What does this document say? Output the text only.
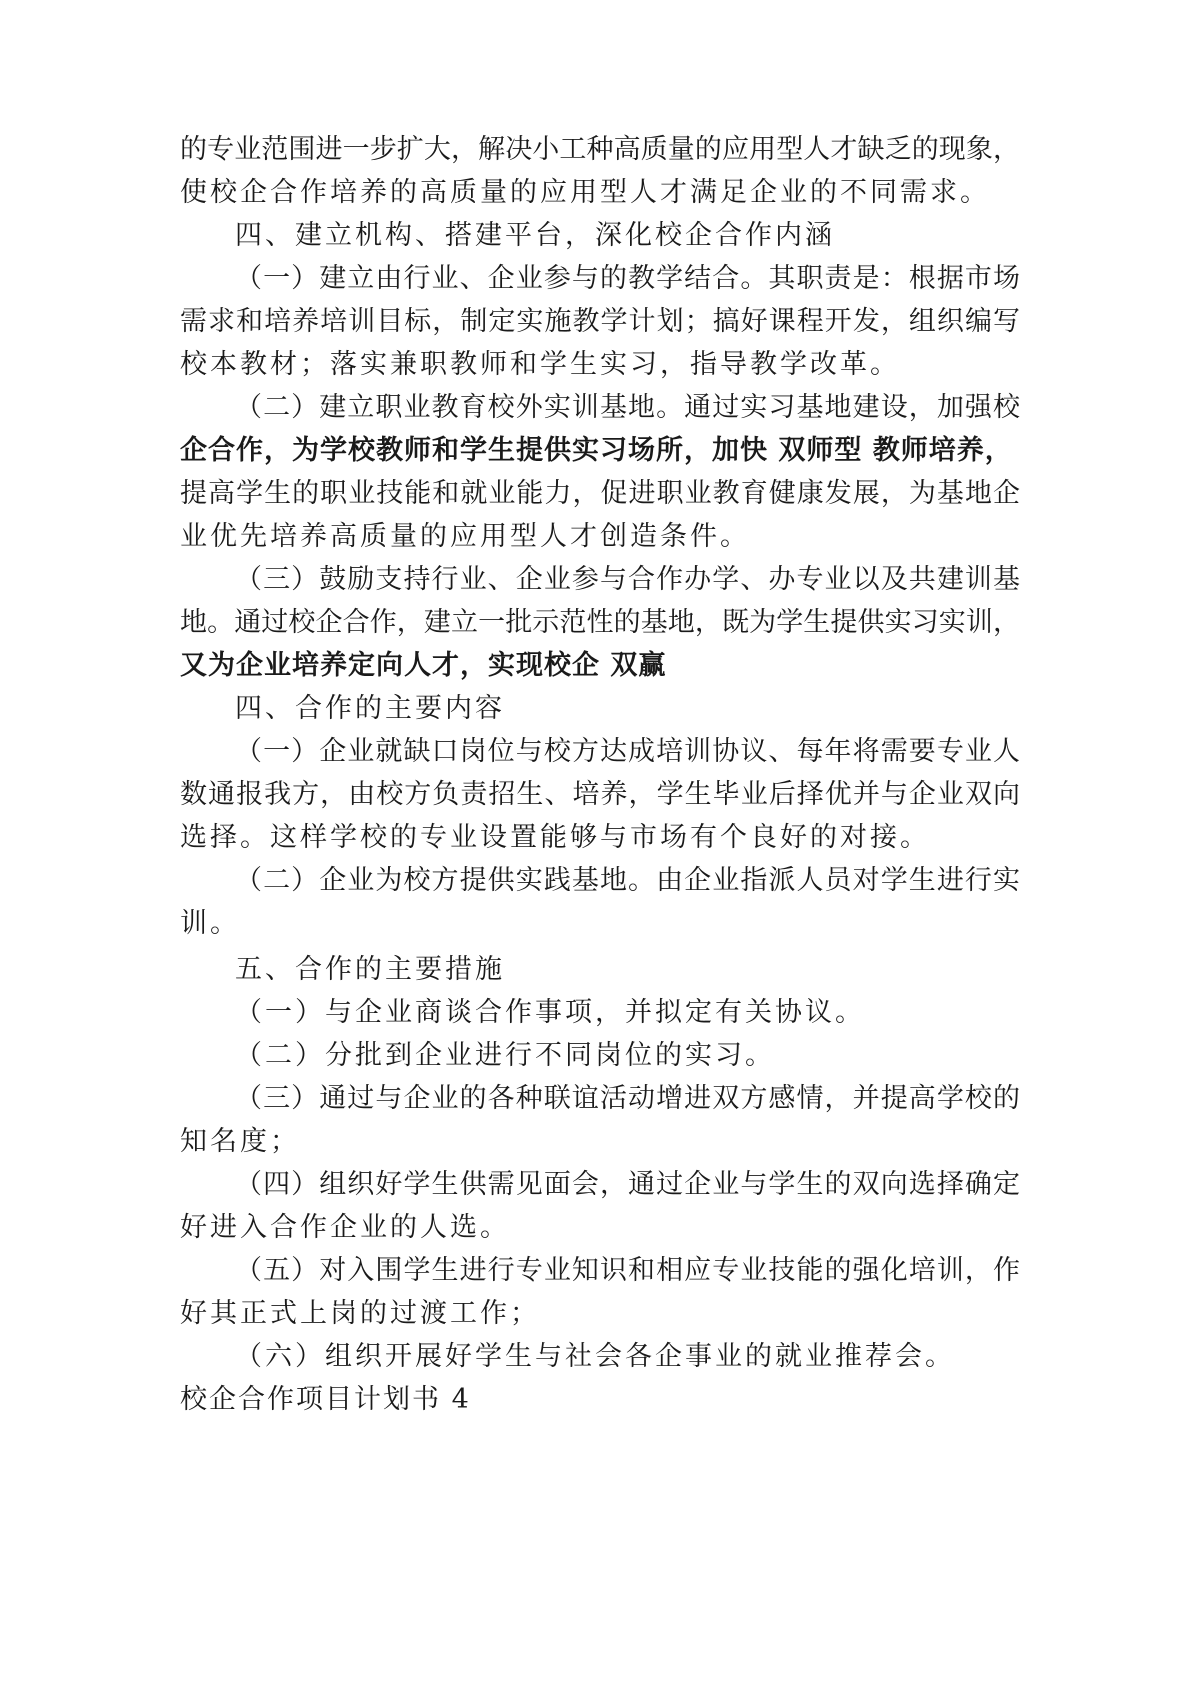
的专业范围进一步扩大，解决小工种高质量的应用型人才缺乏的现象，
使校企合作培养的高质量的应用型人才满足企业的不同需求。
四、建立机构、搭建平台，深化校企合作内涵
（一）建立由行业、企业参与的教学结合。其职责是：根据市场
需求和培养培训目标，制定实施教学计划；搞好课程开发，组织编写
校本教材；落实兼职教师和学生实习，指导教学改革。
（二）建立职业教育校外实训基地。通过实习基地建设，加强校
企合作，为学校教师和学生提供实习场所，加快 双师型 教师培养，
提高学生的职业技能和就业能力，促进职业教育健康发展，为基地企
业优先培养高质量的应用型人才创造条件。
（三）鼓励支持行业、企业参与合作办学、办专业以及共建训基
地。通过校企合作，建立一批示范性的基地，既为学生提供实习实训，
又为企业培养定向人才，实现校企 双赢
四、合作的主要内容
（一）企业就缺口岗位与校方达成培训协议、每年将需要专业人
数通报我方，由校方负责招生、培养，学生毕业后择优并与企业双向
选择。这样学校的专业设置能够与市场有个良好的对接。
（二）企业为校方提供实践基地。由企业指派人员对学生进行实
训。
五、合作的主要措施
（一）与企业商谈合作事项，并拟定有关协议。
（二）分批到企业进行不同岗位的实习。
（三）通过与企业的各种联谊活动增进双方感情，并提高学校的
知名度；
（四）组织好学生供需见面会，通过企业与学生的双向选择确定
好进入合作企业的人选。
（五）对入围学生进行专业知识和相应专业技能的强化培训，作
好其正式上岗的过渡工作；
（六）组织开展好学生与社会各企事业的就业推荐会。
校企合作项目计划书 4
